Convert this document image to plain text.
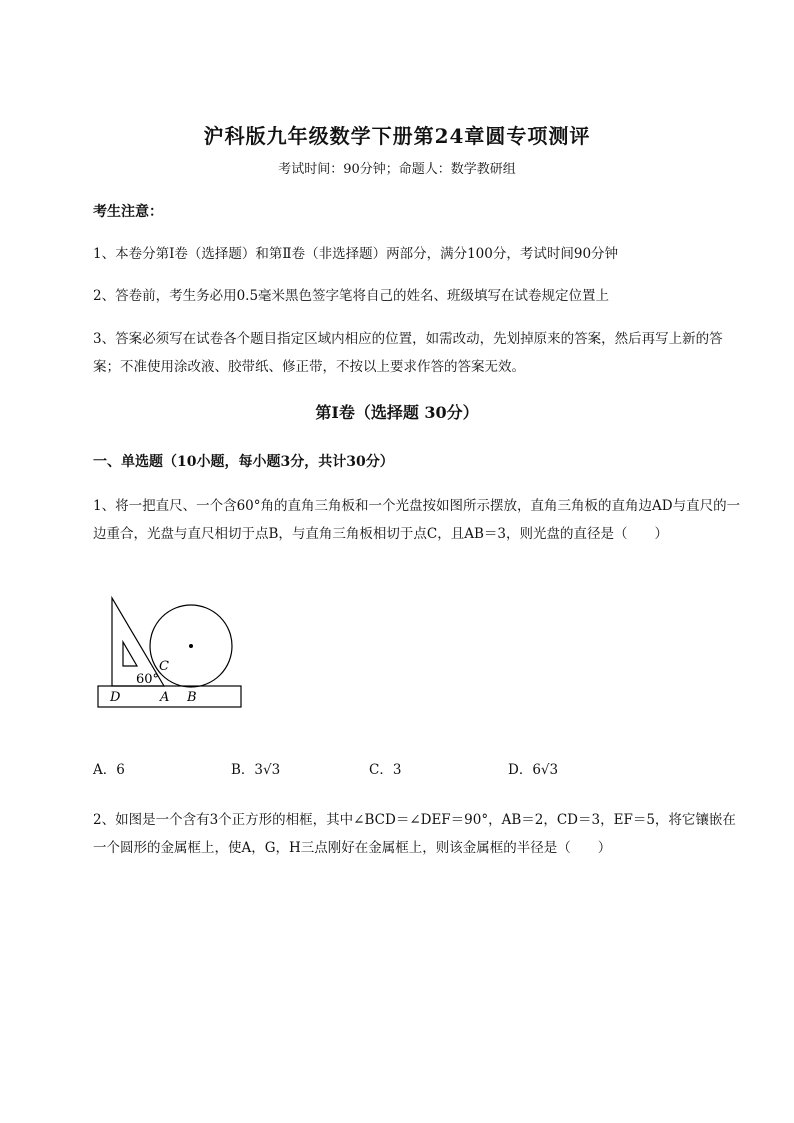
沪科版九年级数学下册第24章圆专项测评
考试时间：90分钟；命题人：数学教研组
考生注意：
1、本卷分第I卷（选择题）和第Ⅱ卷（非选择题）两部分，满分100分，考试时间90分钟
2、答卷前，考生务必用0.5毫米黑色签字笔将自己的姓名、班级填写在试卷规定位置上
3、答案必须写在试卷各个题目指定区域内相应的位置，如需改动，先划掉原来的答案，然后再写上新的答案；不准使用涂改液、胶带纸、修正带，不按以上要求作答的答案无效。
第I卷（选择题 30分）
一、单选题（10小题，每小题3分，共计30分）
1、将一把直尺、一个含60°角的直角三角板和一个光盘按如图所示摆放，直角三角板的直角边AD与直尺的一边重合，光盘与直尺相切于点B，与直角三角板相切于点C，且AB＝3，则光盘的直径是（　　）
60°
C
D	A B
A．6	B．3√3	C．3	D．6√3
2、如图是一个含有3个正方形的相框，其中∠BCD＝∠DEF＝90°，AB＝2，CD＝3，EF＝5，将它镶嵌在一个圆形的金属框上，使A，G，H三点刚好在金属框上，则该金属框的半径是（　　）
